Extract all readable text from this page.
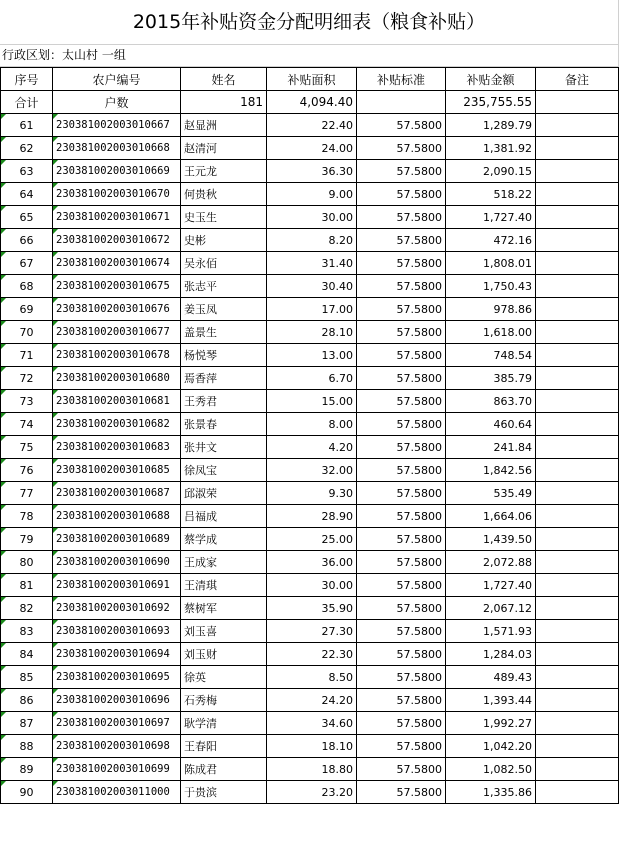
2015年补贴资金分配明细表（粮食补贴）
行政区划：太山村 一组
序号	农户编号	姓名	补贴面积	补贴标准	补贴金额	备注
合计	户数	181	4,094.40		235,755.55	
61	230381002003010667	赵显洲	22.40	57.5800	1,289.79	
62	230381002003010668	赵清河	24.00	57.5800	1,381.92	
63	230381002003010669	王元龙	36.30	57.5800	2,090.15	
64	230381002003010670	何贵秋	9.00	57.5800	518.22	
65	230381002003010671	史玉生	30.00	57.5800	1,727.40	
66	230381002003010672	史彬	8.20	57.5800	472.16	
67	230381002003010674	吴永佰	31.40	57.5800	1,808.01	
68	230381002003010675	张志平	30.40	57.5800	1,750.43	
69	230381002003010676	姜玉凤	17.00	57.5800	978.86	
70	230381002003010677	盖景生	28.10	57.5800	1,618.00	
71	230381002003010678	杨悦琴	13.00	57.5800	748.54	
72	230381002003010680	焉香萍	6.70	57.5800	385.79	
73	230381002003010681	王秀君	15.00	57.5800	863.70	
74	230381002003010682	张景春	8.00	57.5800	460.64	
75	230381002003010683	张井文	4.20	57.5800	241.84	
76	230381002003010685	徐凤宝	32.00	57.5800	1,842.56	
77	230381002003010687	邱淑荣	9.30	57.5800	535.49	
78	230381002003010688	吕福成	28.90	57.5800	1,664.06	
79	230381002003010689	蔡学成	25.00	57.5800	1,439.50	
80	230381002003010690	王成家	36.00	57.5800	2,072.88	
81	230381002003010691	王清琪	30.00	57.5800	1,727.40	
82	230381002003010692	蔡树军	35.90	57.5800	2,067.12	
83	230381002003010693	刘玉喜	27.30	57.5800	1,571.93	
84	230381002003010694	刘玉财	22.30	57.5800	1,284.03	
85	230381002003010695	徐英	8.50	57.5800	489.43	
86	230381002003010696	石秀梅	24.20	57.5800	1,393.44	
87	230381002003010697	耿学清	34.60	57.5800	1,992.27	
88	230381002003010698	王春阳	18.10	57.5800	1,042.20	
89	230381002003010699	陈成君	18.80	57.5800	1,082.50	
90	230381002003011000	于贵滨	23.20	57.5800	1,335.86	
